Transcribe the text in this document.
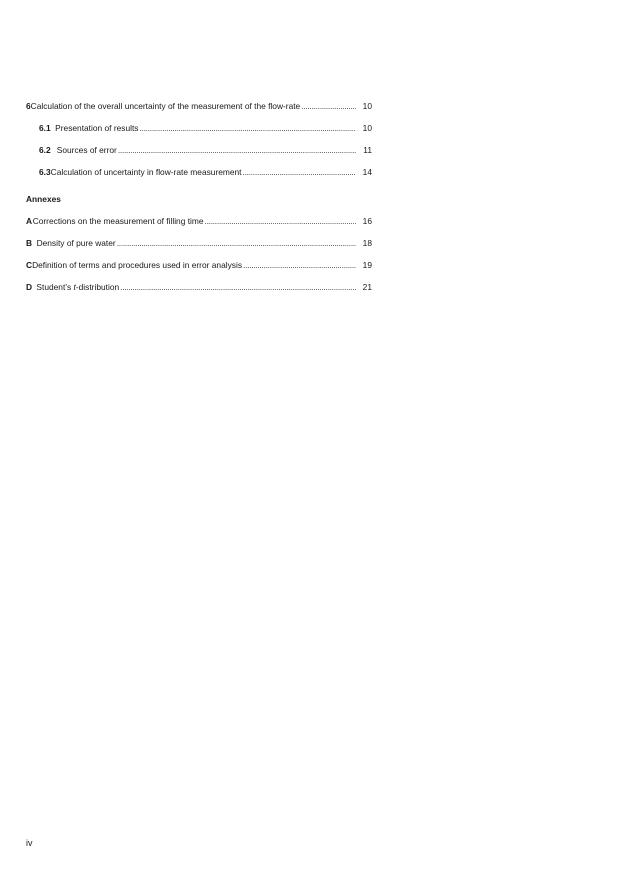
6 Calculation of the overall uncertainty of the measurement of the flow-rate . . .	10
6.1 Presentation of results . . .	10
6.2 Sources of error . . .	11
6.3 Calculation of uncertainty in flow-rate measurement . . .	14
Annexes
A Corrections on the measurement of filling time . . .	16
B Density of pure water . . .	18
C Definition of terms and procedures used in error analysis . . .	19
D Student’s t-distribution . . .	21
iv
